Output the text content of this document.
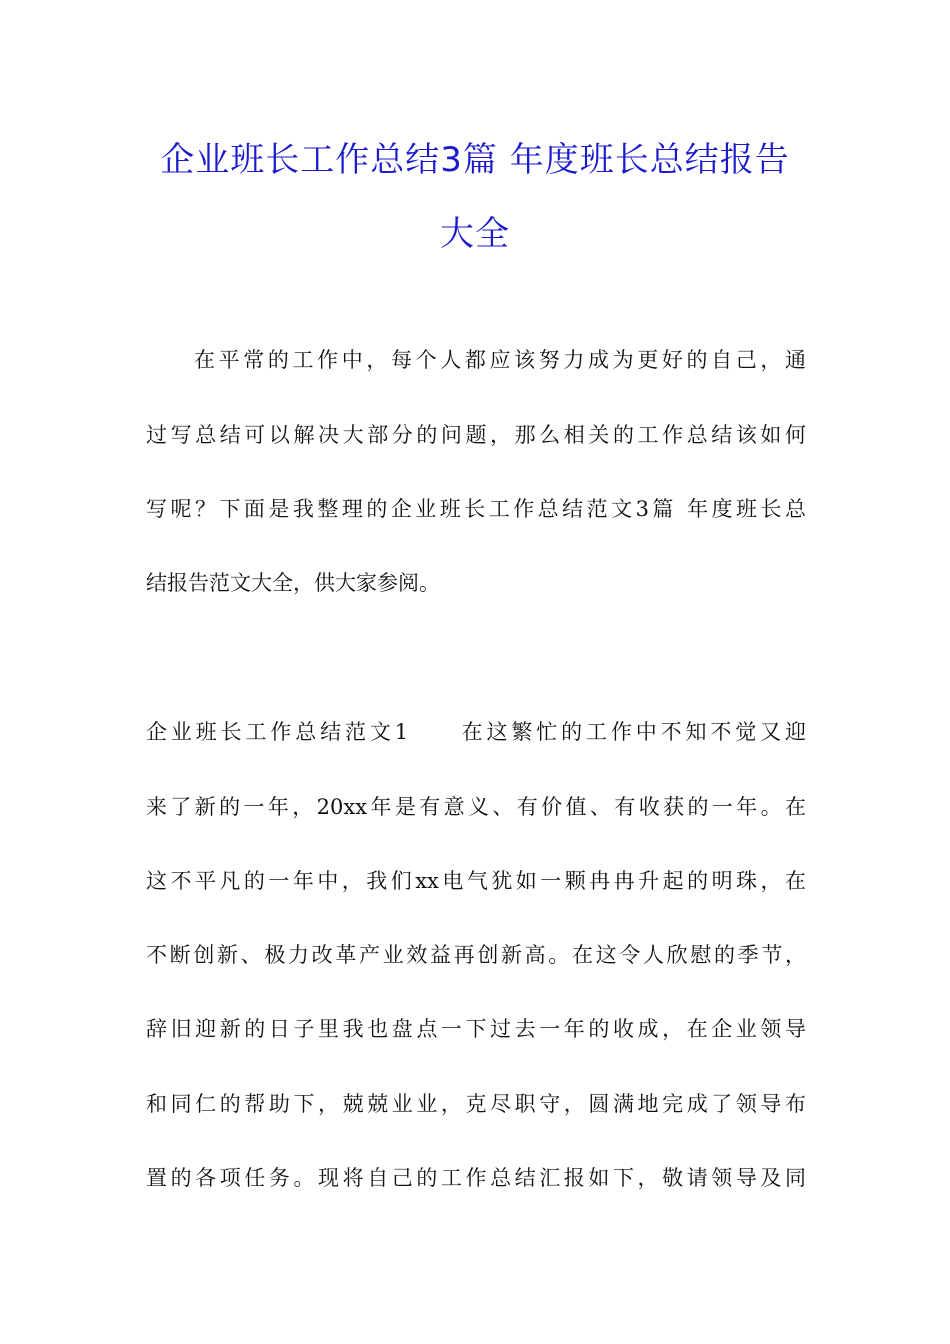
企业班长工作总结3篇 年度班长总结报告
大全
在平常的工作中，每个人都应该努力成为更好的自己，通
过写总结可以解决大部分的问题，那么相关的工作总结该如何
写呢？下面是我整理的企业班长工作总结范文3篇 年度班长总
结报告范文大全，供大家参阅。
企业班长工作总结范文1　　在这繁忙的工作中不知不觉又迎
来了新的一年，20xx年是有意义、有价值、有收获的一年。在
这不平凡的一年中，我们xx电气犹如一颗冉冉升起的明珠，在
不断创新、极力改革产业效益再创新高。在这令人欣慰的季节，
辞旧迎新的日子里我也盘点一下过去一年的收成，在企业领导
和同仁的帮助下，兢兢业业，克尽职守，圆满地完成了领导布
置的各项任务。现将自己的工作总结汇报如下，敬请领导及同
